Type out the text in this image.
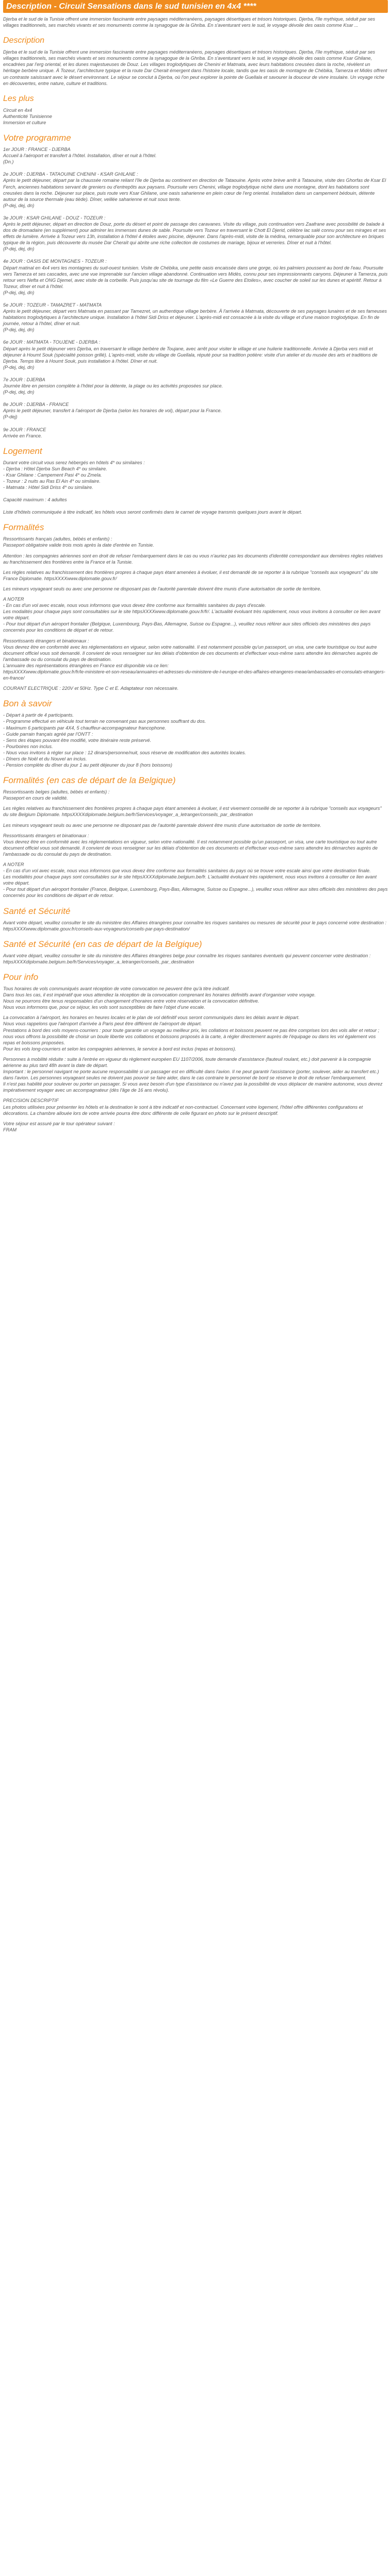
Description - Circuit Sensations dans le sud tunisien en 4x4 ****

Djerba et le sud de la Tunisie offrent une immersion fascinante entre paysages méditerranéens, paysages désertiques et trésors historiques. Djerba, l'île mythique, séduit par ses villages traditionnels, ses marchés vivants et ses monuments comme la synagogue de la Ghriba. En s'aventurant vers le sud, le voyage dévoile des oasis comme Ksar ...

Description

Djerba et le sud de la Tunisie offrent une immersion fascinante entre paysages méditerranéens, paysages désertiques et trésors historiques. Djerba, l'île mythique, séduit par ses villages traditionnels, ses marchés vivants et ses monuments comme la synagogue de la Ghriba. En s'aventurant vers le sud, le voyage dévoile des oasis comme Ksar Ghilane, encadrées par l'erg oriental, et les dunes majestueuses de Douz. Les villages troglodytiques de Chenini et Matmata, avec leurs habitations creusées dans la roche, révèlent un héritage berbère unique. À Tozeur, l'architecture typique et la route Dar Cherait émergent dans l'histoire locale, tandis que les oasis de montagne de Chébika, Tamerza et Midès offrent un contraste saisissant avec le désert environnant. Le séjour se conclut à Djerba, où l'on peut explorer la pointe de Guellala et savourer la douceur de vivre insulaire. Un voyage riche en découvertes, entre nature, culture et traditions.

Les plus
Circuit en 4x4
Authenticité Tunisienne
Immersion et culture
Votre programme
1er JOUR : FRANCE - DJERBA
Accueil à l'aéroport et transfert à l'hôtel. Installation, dîner et nuit à l'hôtel.
(Dn.)
2e JOUR : DJERBA - TATAOUINE CHENINI - KSAR GHILANE :
Après le petit déjeuner, départ par la chaussée romaine reliant l'île de Djerba au continent en direction de Tataouine. Après votre brève arrêt à Tataouine, visite des Ghorfas de Ksar El Ferch, anciennes habitations servant de greniers ou d'entrepôts aux paysans. Poursuite vers Chenini, village troglodytique niché dans une montagne, dont les habitations sont creusées dans la roche. Déjeuner sur place, puis route vers Ksar Ghilane, une oasis saharienne en plein cœur de l'erg oriental. Installation dans un campement bédouin, détente autour de la source thermale (eau tiède). Dîner, veillée saharienne et nuit sous tente.
(P-dej, dej, dn)
3e JOUR : KSAR GHILANE - DOUZ - TOZEUR :
Après le petit déjeuner, départ en direction de Douz, porte du désert et point de passage des caravanes. Visite du village, puis continuation vers Zaafrane avec possibilité de balade à dos de dromadaire (en supplément) pour admirer les immenses dunes de sable. Poursuite vers Tozeur en traversant le Chott El Djerid, célèbre lac salé connu pour ses mirages et ses effets de lumière. Arrivée à Tozeur vers 13h, installation à l'hôtel 4 étoiles avec piscine, déjeuner. Dans l'après-midi, visite de la médina, remarquable pour son architecture en briques typique de la région, puis découverte du musée Dar Cheraït qui abrite une riche collection de costumes de mariage, bijoux et verreries. Dîner et nuit à l'hôtel.
(P-dej, dej, dn)
4e JOUR : OASIS DE MONTAGNES - TOZEUR :
Départ matinal en 4x4 vers les montagnes du sud-ouest tunisien. Visite de Chébika, une petite oasis encaissée dans une gorge, où les palmiers poussent au bord de l'eau. Poursuite vers Tamerza et ses cascades, avec une vue imprenable sur l'ancien village abandonné. Continuation vers Midès, connu pour ses impressionnants canyons. Déjeuner à Tamerza, puis retour vers Nefta et ONG Djemel, avec visite de la corbeille. Puis jusqu'au site de tournage du film «Le Guerre des Etoiles», avec coucher de soleil sur les dunes et apéritif. Retour à Tozeur, dîner et nuit à l'hôtel.
(P-dej, dej, dn)
5e JOUR : TOZEUR - TAMAZRET - MATMATA
Après le petit déjeuner, départ vers Matmata en passant par Tamezret, un authentique village berbère. À l'arrivée à Matmata, découverte de ses paysages lunaires et de ses fameuses habitations troglodytiques à l'architecture unique. Installation à l'hôtel Sidi Driss et déjeuner. L'après-midi est consacrée à la visite du village et d'une maison troglodytique. En fin de journée, retour à l'hôtel, dîner et nuit.
(P-dej, dej, dn)
6e JOUR : MATMATA - TOUJENE - DJERBA :
Départ après le petit déjeuner vers Djerba, en traversant le village berbère de Toujane, avec arrêt pour visiter le village et une huilerie traditionnelle. Arrivée à Djerba vers midi et déjeuner à Houmt Souk (spécialité poisson grillé). L'après-midi, visite du village de Guellala, réputé pour sa tradition potière: visite d'un atelier et du musée des arts et traditions de Djerba. Temps libre à Houmt Souk, puis installation à l'hôtel. Dîner et nuit.
(P-dej, dej, dn)
7e JOUR : DJERBA
Journée libre en pension complète à l'hôtel pour la détente, la plage ou les activités proposées sur place.
(P-dej, dej, dn)
8e JOUR : DJERBA - FRANCE
Après le petit déjeuner, transfert à l'aéroport de Djerba (selon les horaires de vol), départ pour la France.
(P-dej)
9e JOUR : FRANCE
Arrivée en France.
Logement
Durant votre circuit vous serez hébergés en hôtels 4* ou similaires :
- Djerba : Hôtel Djerba Sun Beach 4* ou similaire.
- Ksar Ghilane : Campement Pasi 4* ou Zmela.
- Tozeur : 2 nuits au Ras El Ain 4* ou similaire.
- Matmata : Hôtel Sidi Driss 4* ou similaire.

Capacité maximum : 4 adultes

Liste d'hôtels communiquée à titre indicatif, les hôtels vous seront confirmés dans le carnet de voyage transmis quelques jours avant le départ.

Formalités

Ressortissants français (adultes, bébés et enfants) :
Passeport obligatoire valide trois mois après la date d'entrée en Tunisie.

Attention : les compagnies aériennes sont en droit de refuser l'embarquement dans le cas ou vous n'auriez pas les documents d'identité correspondant aux dernières règles relatives au franchissement des frontières entre la France et la Tunisie.

Les règles relatives au franchissement des frontières propres à chaque pays étant amenées à évoluer, il est demandé de se reporter à la rubrique "conseils aux voyageurs" du site France Diplomatie. httpsXXXXwww.diplomatie.gouv.fr/

Les mineurs voyageant seuls ou avec une personne ne disposant pas de l'autorité parentale doivent être munis d'une autorisation de sortie de territoire.

A NOTER
- En cas d'un vol avec escale, nous vous informons que vous devez être conforme aux formalités sanitaires du pays d'escale.
Les modalités pour chaque pays sont consultables sur le site httpsXXXXwww.diplomatie.gouv.fr/fr/. L'actualité évoluant très rapidement, nous vous invitons à consulter ce lien avant votre départ.
- Pour tout départ d'un aéroport frontalier (Belgique, Luxembourg, Pays-Bas, Allemagne, Suisse ou Espagne...), veuillez nous référer aux sites officiels des ministères des pays concernés pour les conditions de départ et de retour.

Ressortissants étrangers et binationaux :
Vous devrez être en conformité avec les réglementations en vigueur, selon votre nationalité. Il est notamment possible qu'un passeport, un visa, une carte touristique ou tout autre document officiel vous soit demandé. Il convient de vous renseigner sur les délais d'obtention de ces documents et d'effectuer vous-même sans attendre les démarches auprès de l'ambassade ou du consulat du pays de destination.
L'annuaire des représentations étrangères en France est disponible via ce lien:
httpsXXXXwww.diplomatie.gouv.fr/fr/le-ministere-et-son-reseau/annuaires-et-adresses-du-ministere-de-l-europe-et-des-affaires-etrangeres-meae/ambassades-et-consulats-etrangers-en-france/

COURANT ELECTRIQUE : 220V et 50Hz. Type C et E. Adaptateur non nécessaire.

Bon à savoir
- Départ à partir de 4 participants.
- Programme effectué en véhicule tout terrain ne convenant pas aux personnes souffrant du dos.
- Maximum 6 participants par 4X4, 5 chauffeur-accompagnateur francophone.
- Guide parrain français agréé par l'ONTT :
- Sens des étapes pouvant être modifié, votre itinéraire reste préservé.
- Pourboires non inclus.
- Nous vous invitons à régler sur place : 12 dinars/personne/nuit, sous réserve de modification des autorités locales.
- Dîners de Noël et du Nouvel an inclus.
- Pension complète du dîner du jour 1 au petit déjeuner du jour 8 (hors boissons)
Formalités (en cas de départ de la Belgique)

Ressortissants belges (adultes, bébés et enfants) :
Passeport en cours de validité.

Les règles relatives au franchissement des frontières propres à chaque pays étant amenées à évoluer, il est vivement conseillé de se reporter à la rubrique "conseils aux voyageurs" du site Belgium Diplomatie. httpsXXXXdiplomatie.belgium.be/fr/Services/voyager_a_letranger/conseils_par_destination

Les mineurs voyageant seuls ou avec une personne ne disposant pas de l'autorité parentale doivent être munis d'une autorisation de sortie de territoire.

Ressortissants étrangers et binationaux :
Vous devrez être en conformité avec les réglementations en vigueur, selon votre nationalité. Il est notamment possible qu'un passeport, un visa, une carte touristique ou tout autre document officiel vous soit demandé. Il convient de vous renseigner sur les délais d'obtention de ces documents et d'effectuer vous-même sans attendre les démarches auprès de l'ambassade ou du consulat du pays de destination.

A NOTER
- En cas d'un vol avec escale, nous vous informons que vous devez être conforme aux formalités sanitaires du pays où se trouve votre escale ainsi que votre destination finale.
Les modalités pour chaque pays sont consultables sur le site httpsXXXXdiplomatie.belgium.be/fr. L'actualité évoluant très rapidement, nous vous invitons à consulter ce lien avant votre départ.
- Pour tout départ d'un aéroport frontalier (France, Belgique, Luxembourg, Pays-Bas, Allemagne, Suisse ou Espagne...), veuillez vous référer aux sites officiels des ministères des pays concernés pour les conditions de départ et de retour.

Santé et Sécurité

Avant votre départ, veuillez consulter le site du ministère des Affaires étrangères pour connaître les risques sanitaires ou mesures de sécurité pour le pays concerné votre destination : httpsXXXXwww.diplomatie.gouv.fr/conseils-aux-voyageurs/conseils-par-pays-destination/

Santé et Sécurité (en cas de départ de la Belgique)

Avant votre départ, veuillez consulter le site du ministère des Affaires étrangères belge pour connaître les risques sanitaires éventuels qui peuvent concerner votre destination : httpsXXXXdiplomatie.belgium.be/fr/Services/voyager_a_letranger/conseils_par_destination

Pour info

Tous horaires de vols communiqués avant réception de votre convocation ne peuvent être qu'à titre indicatif.
Dans tous les cas, il est impératif que vous attendiez la réception de la convocation comprenant les horaires définitifs avant d'organiser votre voyage.
Nous ne pourrons être tenus responsables d'un changement d'horaires entre votre réservation et la convocation définitive.
Nous vous informons que, pour ce séjour, les vols sont susceptibles de faire l'objet d'une escale.

La convocation à l'aéroport, les horaires en heures locales et le plan de vol définitif vous seront communiqués dans les délais avant le départ.
Nous vous rappelons que l'aéroport d'arrivée à Paris peut être différent de l'aéroport de départ.
Prestations à bord des vols moyens-courriers : pour toute garantie un voyage au meilleur prix, les collations et boissons peuvent ne pas être comprises lors des vols aller et retour ; nous vous offrons la possibilité de choisir un boule libertie vos collations et boissons proposés à la carte, à régler directement auprès de l'équipage ou dans les vol également vos repas et boissons proposées.
Pour les vols long-courriers et selon les compagnies aériennes, le service à bord est inclus (repas et boissons).

Personnes à mobilité réduite : suite à l'entrée en vigueur du règlement européen EU 1107/2006, toute demande d'assistance (fauteuil roulant, etc.) doit parvenir à la compagnie aérienne au plus tard 48h avant la date de départ.
Important : le personnel navigant ne porte aucune responsabilité si un passager est en difficulté dans l'avion. Il ne peut garantir l'assistance (porter, soulever, aider au transfert etc.) dans l'avion. Les personnes voyageant seules ne doivent pas pouvoir se faire aider, dans le cas contraire le personnel de bord se réserve le droit de refuser l'embarquement.
Il n'est pas habilité pour soulever ou porter un passager. Si vous avez besoin d'un type d'assistance ou n'avez pas la possibilité de vous déplacer de manière autonome, vous devrez impérativement voyager avec un accompagnateur (dès l'âge de 16 ans révolu).

PRECISION DESCRIPTIF

Les photos utilisées pour présenter les hôtels et la destination le sont à titre indicatif et non-contractuel. Concernant votre logement, l'hôtel offre différentes configurations et décorations. La chambre allouée lors de votre arrivée pourra être donc différente de celle figurant en photo sur le présent descriptif.

Votre séjour est assuré par le tour opérateur suivant :
FRAM
